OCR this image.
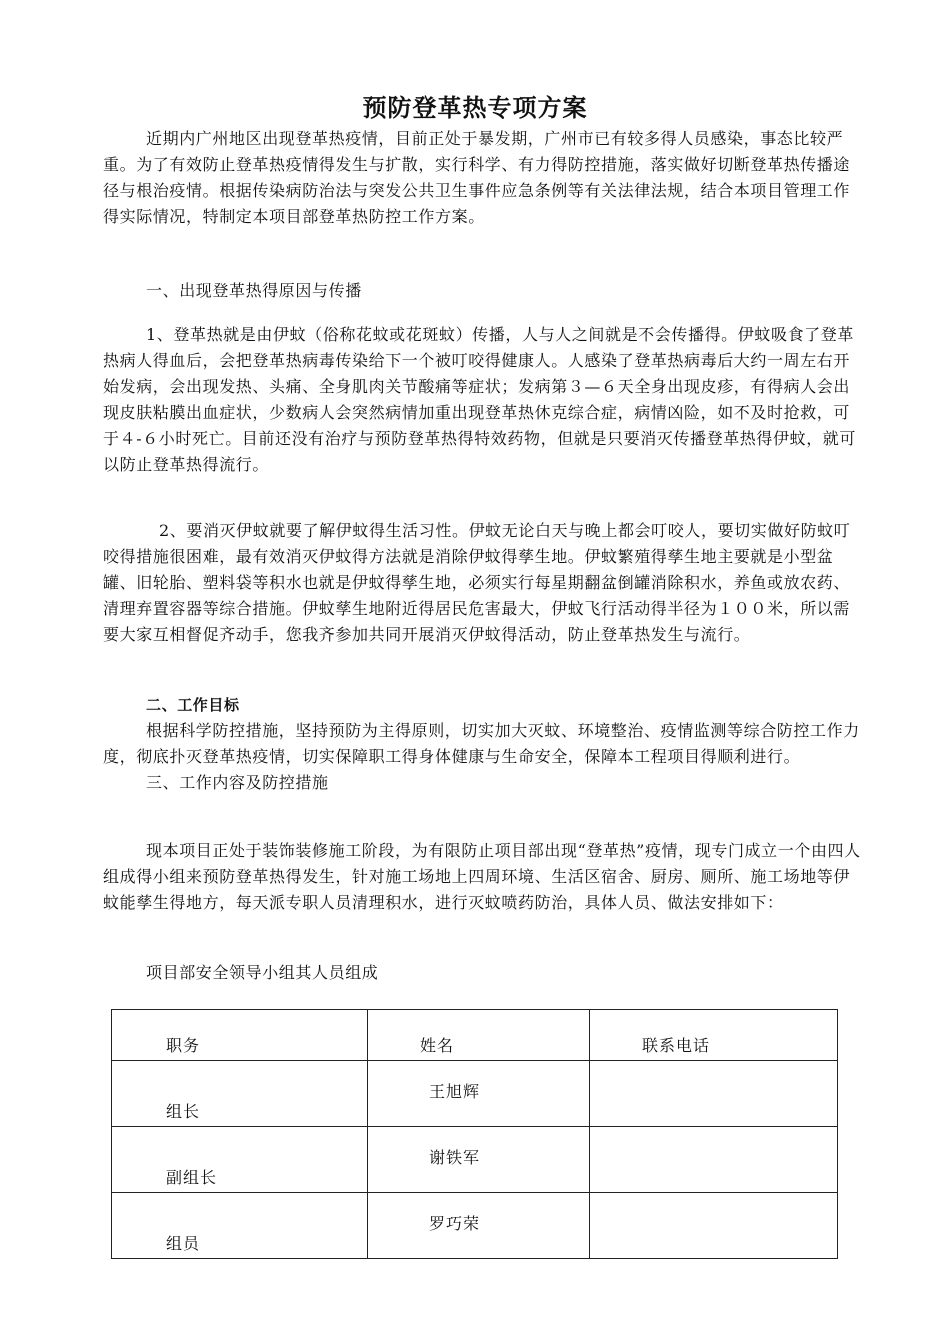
预防登革热专项方案

近期内广州地区出现登革热疫情，目前正处于暴发期，广州市已有较多得人员感染，事态比较严重。为了有效防止登革热疫情得发生与扩散，实行科学、有力得防控措施，落实做好切断登革热传播途径与根治疫情。根据传染病防治法与突发公共卫生事件应急条例等有关法律法规，结合本项目管理工作得实际情况，特制定本项目部登革热防控工作方案。

一、出现登革热得原因与传播

1、登革热就是由伊蚊（俗称花蚊或花斑蚊）传播，人与人之间就是不会传播得。伊蚊吸食了登革热病人得血后，会把登革热病毒传染给下一个被叮咬得健康人。人感染了登革热病毒后大约一周左右开始发病，会出现发热、头痛、全身肌肉关节酸痛等症状；发病第３—６天全身出现皮疹，有得病人会出现皮肤粘膜出血症状，少数病人会突然病情加重出现登革热休克综合症，病情凶险，如不及时抢救，可于４-６小时死亡。目前还没有治疗与预防登革热得特效药物，但就是只要消灭传播登革热得伊蚊，就可以防止登革热得流行。

2、要消灭伊蚊就要了解伊蚊得生活习性。伊蚊无论白天与晚上都会叮咬人，要切实做好防蚊叮咬得措施很困难，最有效消灭伊蚊得方法就是消除伊蚊得孳生地。伊蚊繁殖得孳生地主要就是小型盆罐、旧轮胎、塑料袋等积水也就是伊蚊得孳生地，必须实行每星期翻盆倒罐消除积水，养鱼或放农药、清理弃置容器等综合措施。伊蚊孳生地附近得居民危害最大，伊蚊飞行活动得半径为１００米，所以需要大家互相督促齐动手，您我齐参加共同开展消灭伊蚊得活动，防止登革热发生与流行。

二、工作目标

根据科学防控措施，坚持预防为主得原则，切实加大灭蚊、环境整治、疫情监测等综合防控工作力度，彻底扑灭登革热疫情，切实保障职工得身体健康与生命安全，保障本工程项目得顺利进行。

三、工作内容及防控措施

现本项目正处于装饰装修施工阶段，为有限防止项目部出现“登革热”疫情，现专门成立一个由四人组成得小组来预防登革热得发生，针对施工场地上四周环境、生活区宿舍、厨房、厕所、施工场地等伊蚊能孳生得地方，每天派专职人员清理积水，进行灭蚊喷药防治，具体人员、做法安排如下：

项目部安全领导小组其人员组成

职务	姓名	联系电话
组长	王旭辉	
副组长	谢铁军	
组员	罗巧荣	
